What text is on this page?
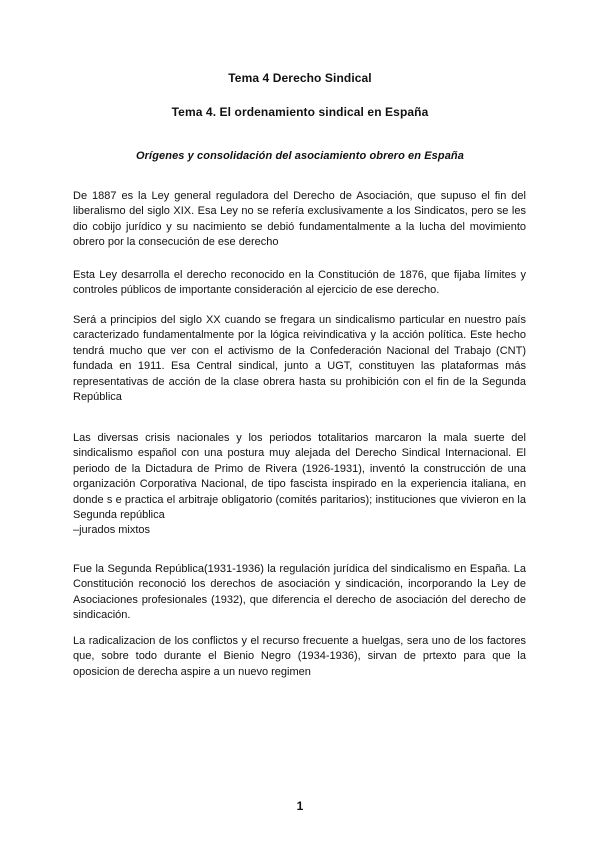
Tema 4 Derecho Sindical
Tema 4. El ordenamiento sindical en España
Orígenes y consolidación del asociamiento obrero en España
De 1887 es la Ley general reguladora del Derecho de Asociación, que supuso el fin del liberalismo del siglo XIX. Esa Ley no se refería exclusivamente a los Sindicatos, pero se les dio cobijo jurídico y su nacimiento se debió fundamentalmente a la lucha del movimiento obrero por la consecución de ese derecho
Esta Ley desarrolla el derecho reconocido en la Constitución de 1876, que fijaba límites y controles públicos de importante consideración al ejercicio de ese derecho.
Será a principios del siglo XX cuando se fregara un sindicalismo particular en nuestro país caracterizado fundamentalmente por la lógica reivindicativa y la acción política. Este hecho tendrá mucho que ver con el activismo de la Confederación Nacional del Trabajo (CNT) fundada en 1911. Esa Central sindical, junto a UGT, constituyen las plataformas más representativas de acción de la clase obrera hasta su prohibición con el fin de la Segunda República
Las diversas crisis nacionales y los periodos totalitarios marcaron la mala suerte del sindicalismo español con una postura muy alejada del Derecho Sindical Internacional. El periodo de la Dictadura de Primo de Rivera (1926-1931), inventó la construcción de una organización Corporativa Nacional, de tipo fascista inspirado en la experiencia italiana, en donde s e practica el arbitraje obligatorio (comités paritarios); instituciones que vivieron en la Segunda república
–jurados mixtos
Fue la Segunda República(1931-1936) la regulación jurídica del sindicalismo en España. La Constitución reconoció los derechos de asociación y sindicación, incorporando la Ley de Asociaciones profesionales (1932), que diferencia el derecho de asociación del derecho de sindicación.
La radicalizacion de los conflictos y el recurso frecuente a huelgas, sera uno de los factores que, sobre todo durante el Bienio Negro (1934-1936), sirvan de prtexto para que la oposicion de derecha aspire a un nuevo regimen
1
